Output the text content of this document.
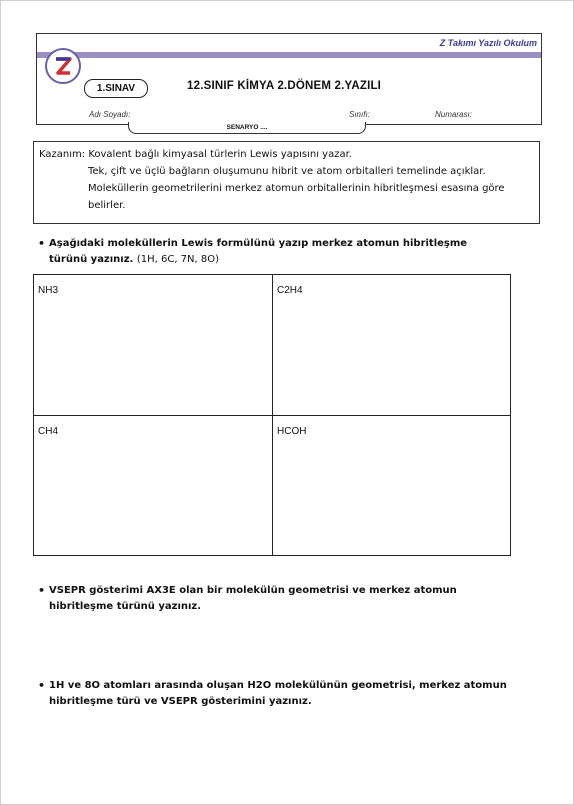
Z Takımı Yazılı Okulum
1.SINAV	12.SINIF KİMYA 2.DÖNEM 2.YAZILI
Adı Soyadı:	Sınıfı:	Numarası:
SENARYO ....
Kazanım: Kovalent bağlı kimyasal türlerin Lewis yapısını yazar.
Tek, çift ve üçlü bağların oluşumunu hibrit ve atom orbitalleri temelinde açıklar.
Moleküllerin geometrilerini merkez atomun orbitallerinin hibritleşmesi esasına göre
belirler.
• Aşağıdaki moleküllerin Lewis formülünü yazıp merkez atomun hibritleşme
türünü yazınız. (1H, 6C, 7N, 8O)
NH3	C2H4
CH4	HCOH
• VSEPR gösterimi AX3E olan bir molekülün geometrisi ve merkez atomun
hibritleşme türünü yazınız.
• 1H ve 8O atomları arasında oluşan H2O molekülünün geometrisi, merkez atomun
hibritleşme türü ve VSEPR gösterimini yazınız.
